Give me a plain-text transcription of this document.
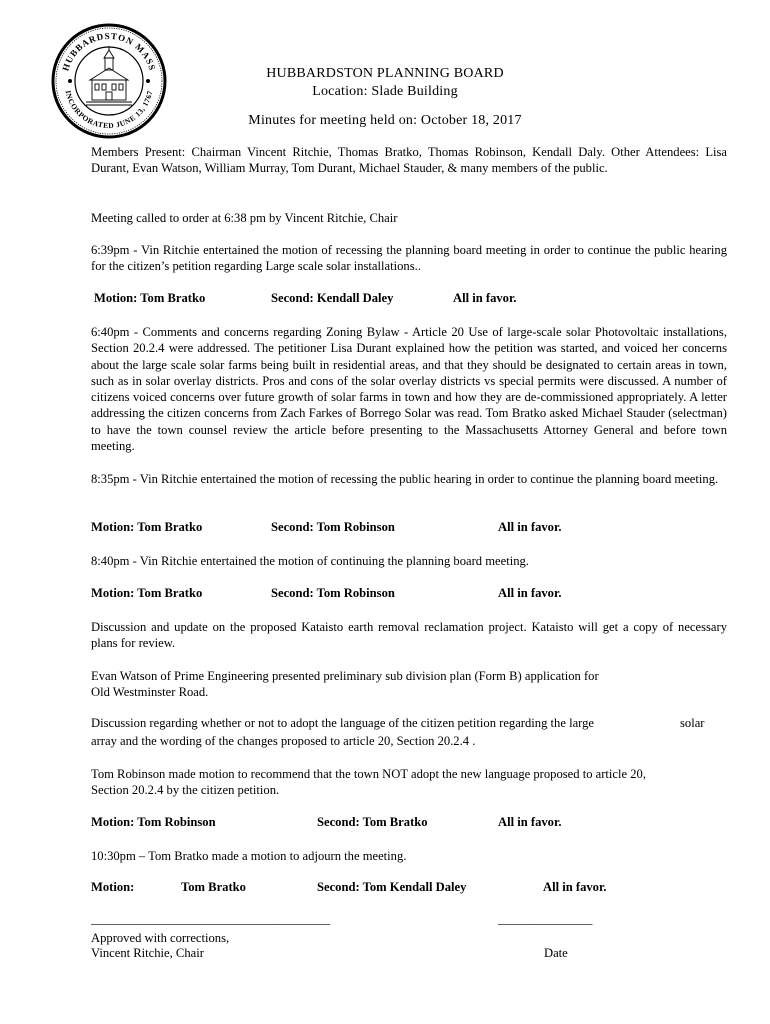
HUBBARDSTON MASS
INCORPORATED JUNE 13, 1767
HUBBARDSTON PLANNING BOARD
Location: Slade Building
Minutes for meeting held on: October 18, 2017

Members Present: Chairman Vincent Ritchie, Thomas Bratko, Thomas Robinson, Kendall Daly. Other Attendees: Lisa Durant, Evan Watson, William Murray, Tom Durant, Michael Stauder, & many members of the public.

Meeting called to order at 6:38 pm by Vincent Ritchie, Chair

6:39pm - Vin Ritchie entertained the motion of recessing the planning board meeting in order to continue the public hearing for the citizen’s petition regarding Large scale solar installations..

Motion: Tom Bratko	Second: Kendall Daley	All in favor.

6:40pm - Comments and concerns regarding Zoning Bylaw - Article 20 Use of large-scale solar Photovoltaic installations, Section 20.2.4 were addressed. The petitioner Lisa Durant explained how the petition was started, and voiced her concerns about the large scale solar farms being built in residential areas, and that they should be designated to certain areas in town, such as in solar overlay districts. Pros and cons of the solar overlay districts vs special permits were discussed. A number of citizens voiced concerns over future growth of solar farms in town and how they are de-commissioned appropriately. A letter addressing the citizen concerns from Zach Farkes of Borrego Solar was read. Tom Bratko asked Michael Stauder (selectman) to have the town counsel review the article before presenting to the Massachusetts Attorney General and before town meeting.

8:35pm - Vin Ritchie entertained the motion of recessing the public hearing in order to continue the planning board meeting.

Motion: Tom Bratko	Second: Tom Robinson	All in favor.

8:40pm - Vin Ritchie entertained the motion of continuing the planning board meeting.

Motion: Tom Bratko	Second: Tom Robinson	All in favor.

Discussion and update on the proposed Kataisto earth removal reclamation project. Kataisto will get a copy of necessary plans for review.

Evan Watson of Prime Engineering presented preliminary sub division plan (Form B) application for

Old Westminster Road.

Discussion regarding whether or not to adopt the language of the citizen petition regarding the large	solar

array and the wording of the changes proposed to article 20, Section 20.2.4 .

Tom Robinson made motion to recommend that the town NOT adopt the new language proposed to article 20,

Section 20.2.4 by the citizen petition.

Motion: Tom Robinson	Second: Tom Bratko	All in favor.

10:30pm – Tom Bratko made a motion to adjourn the meeting.

Motion:	Tom Bratko	Second: Tom Kendall Daley	All in favor.
______________________________________	_______________

Approved with corrections,

Vincent Ritchie, Chair	Date
